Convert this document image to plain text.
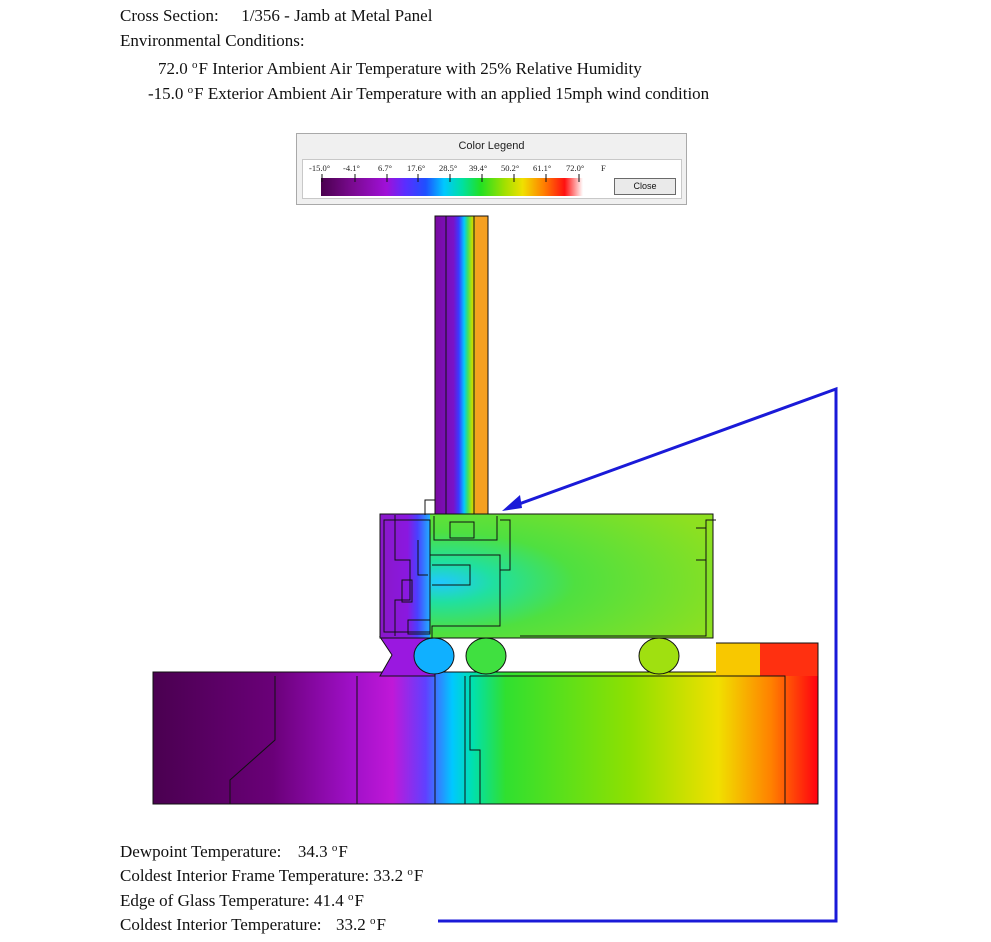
Cross Section: 1/356 - Jamb at Metal Panel
Environmental Conditions:
72.0 $^o$F Interior Ambient Air Temperature with 25% Relative Humidity
-15.0 $^o$F Exterior Ambient Air Temperature with an applied 15mph wind condition
Color Legend
-15.0° -4.1° 6.7° 17.6° 28.5° 39.4° 50.2° 61.1° 72.0° F
Close
Dewpoint Temperature: 34.3 $^o$F
Coldest Interior Frame Temperature: 33.2 $^o$F
Edge of Glass Temperature: 41.4 $^o$F
Coldest Interior Temperature: 33.2 $^o$F
